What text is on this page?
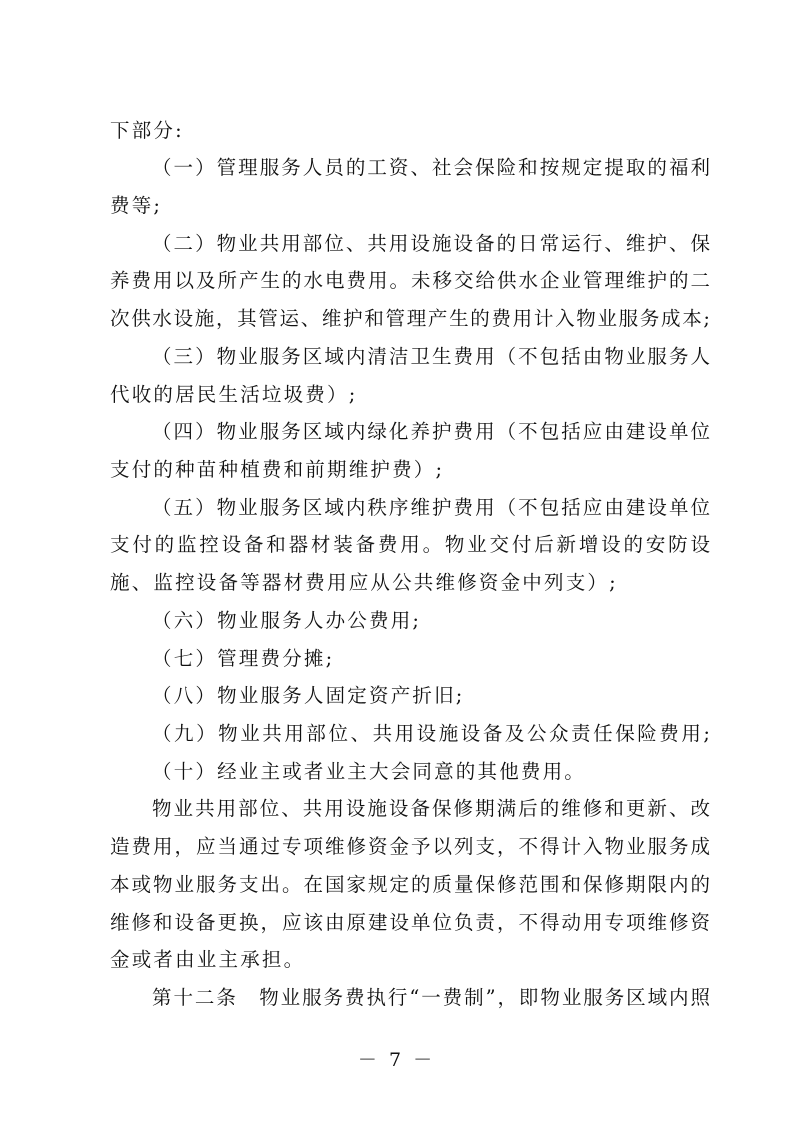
下部分:
（一）管理服务人员的工资、社会保险和按规定提取的福利
费等;
（二）物业共用部位、共用设施设备的日常运行、维护、保
养费用以及所产生的水电费用。未移交给供水企业管理维护的二
次供水设施，其管运、维护和管理产生的费用计入物业服务成本;
（三）物业服务区域内清洁卫生费用（不包括由物业服务人
代收的居民生活垃圾费）;
（四）物业服务区域内绿化养护费用（不包括应由建设单位
支付的种苗种植费和前期维护费）;
（五）物业服务区域内秩序维护费用（不包括应由建设单位
支付的监控设备和器材装备费用。物业交付后新增设的安防设
施、监控设备等器材费用应从公共维修资金中列支）;
（六）物业服务人办公费用;
（七）管理费分摊;
（八）物业服务人固定资产折旧;
（九）物业共用部位、共用设施设备及公众责任保险费用;
（十）经业主或者业主大会同意的其他费用。
物业共用部位、共用设施设备保修期满后的维修和更新、改
造费用，应当通过专项维修资金予以列支，不得计入物业服务成
本或物业服务支出。在国家规定的质量保修范围和保修期限内的
维修和设备更换，应该由原建设单位负责，不得动用专项维修资
金或者由业主承担。
第十二条　物业服务费执行“一费制”，即物业服务区域内照
－ 7 －
